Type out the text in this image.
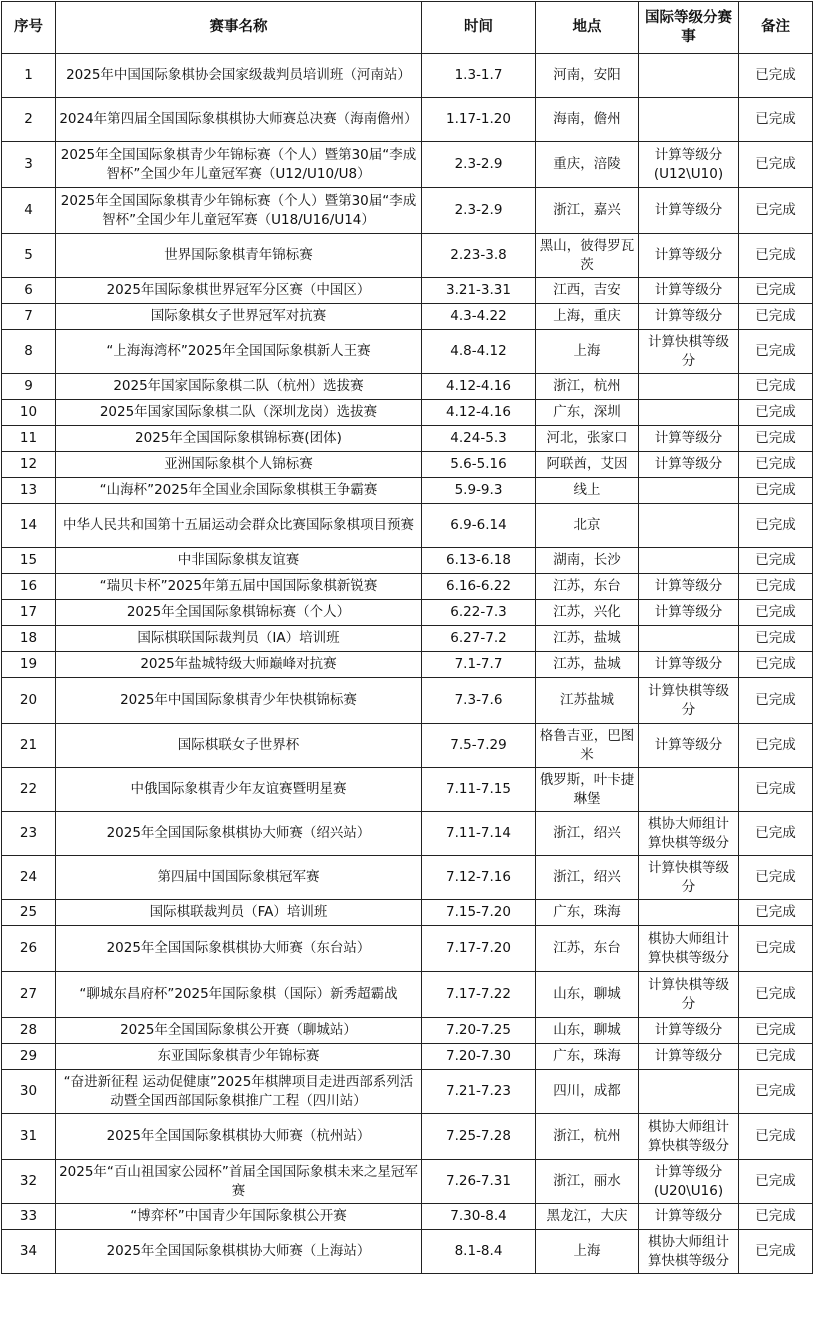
序号	赛事名称	时间	地点	国际等级分赛事	备注
1	2025年中国国际象棋协会国家级裁判员培训班（河南站）	1.3-1.7	河南，安阳		已完成
2	2024年第四届全国国际象棋棋协大师赛总决赛（海南儋州）	1.17-1.20	海南，儋州		已完成
3	2025年全国国际象棋青少年锦标赛（个人）暨第30届“李成智杯”全国少年儿童冠军赛（U12/U10/U8）	2.3-2.9	重庆，涪陵	计算等级分(U12\U10)	已完成
4	2025年全国国际象棋青少年锦标赛（个人）暨第30届“李成智杯”全国少年儿童冠军赛（U18/U16/U14）	2.3-2.9	浙江，嘉兴	计算等级分	已完成
5	世界国际象棋青年锦标赛	2.23-3.8	黑山，彼得罗瓦茨	计算等级分	已完成
6	2025年国际象棋世界冠军分区赛（中国区）	3.21-3.31	江西，吉安	计算等级分	已完成
7	国际象棋女子世界冠军对抗赛	4.3-4.22	上海，重庆	计算等级分	已完成
8	“上海海湾杯”2025年全国国际象棋新人王赛	4.8-4.12	上海	计算快棋等级分	已完成
9	2025年国家国际象棋二队（杭州）选拔赛	4.12-4.16	浙江，杭州		已完成
10	2025年国家国际象棋二队（深圳龙岗）选拔赛	4.12-4.16	广东，深圳		已完成
11	2025年全国国际象棋锦标赛(团体)	4.24-5.3	河北，张家口	计算等级分	已完成
12	亚洲国际象棋个人锦标赛	5.6-5.16	阿联酋，艾因	计算等级分	已完成
13	“山海杯”2025年全国业余国际象棋棋王争霸赛	5.9-9.3	线上		已完成
14	中华人民共和国第十五届运动会群众比赛国际象棋项目预赛	6.9-6.14	北京		已完成
15	中非国际象棋友谊赛	6.13-6.18	湖南，长沙		已完成
16	“瑞贝卡杯”2025年第五届中国国际象棋新锐赛	6.16-6.22	江苏，东台	计算等级分	已完成
17	2025年全国国际象棋锦标赛（个人）	6.22-7.3	江苏，兴化	计算等级分	已完成
18	国际棋联国际裁判员（IA）培训班	6.27-7.2	江苏，盐城		已完成
19	2025年盐城特级大师巅峰对抗赛	7.1-7.7	江苏，盐城	计算等级分	已完成
20	2025年中国国际象棋青少年快棋锦标赛	7.3-7.6	江苏盐城	计算快棋等级分	已完成
21	国际棋联女子世界杯	7.5-7.29	格鲁吉亚，巴图米	计算等级分	已完成
22	中俄国际象棋青少年友谊赛暨明星赛	7.11-7.15	俄罗斯，叶卡捷琳堡		已完成
23	2025年全国国际象棋棋协大师赛（绍兴站）	7.11-7.14	浙江，绍兴	棋协大师组计算快棋等级分	已完成
24	第四届中国国际象棋冠军赛	7.12-7.16	浙江，绍兴	计算快棋等级分	已完成
25	国际棋联裁判员（FA）培训班	7.15-7.20	广东，珠海		已完成
26	2025年全国国际象棋棋协大师赛（东台站）	7.17-7.20	江苏，东台	棋协大师组计算快棋等级分	已完成
27	“聊城东昌府杯”2025年国际象棋（国际）新秀超霸战	7.17-7.22	山东，聊城	计算快棋等级分	已完成
28	2025年全国国际象棋公开赛（聊城站）	7.20-7.25	山东，聊城	计算等级分	已完成
29	东亚国际象棋青少年锦标赛	7.20-7.30	广东，珠海	计算等级分	已完成
30	“奋进新征程 运动促健康”2025年棋牌项目走进西部系列活动暨全国西部国际象棋推广工程（四川站）	7.21-7.23	四川，成都		已完成
31	2025年全国国际象棋棋协大师赛（杭州站）	7.25-7.28	浙江，杭州	棋协大师组计算快棋等级分	已完成
32	2025年“百山祖国家公园杯”首届全国国际象棋未来之星冠军赛	7.26-7.31	浙江，丽水	计算等级分(U20\U16)	已完成
33	“博弈杯”中国青少年国际象棋公开赛	7.30-8.4	黑龙江，大庆	计算等级分	已完成
34	2025年全国国际象棋棋协大师赛（上海站）	8.1-8.4	上海	棋协大师组计算快棋等级分	已完成
